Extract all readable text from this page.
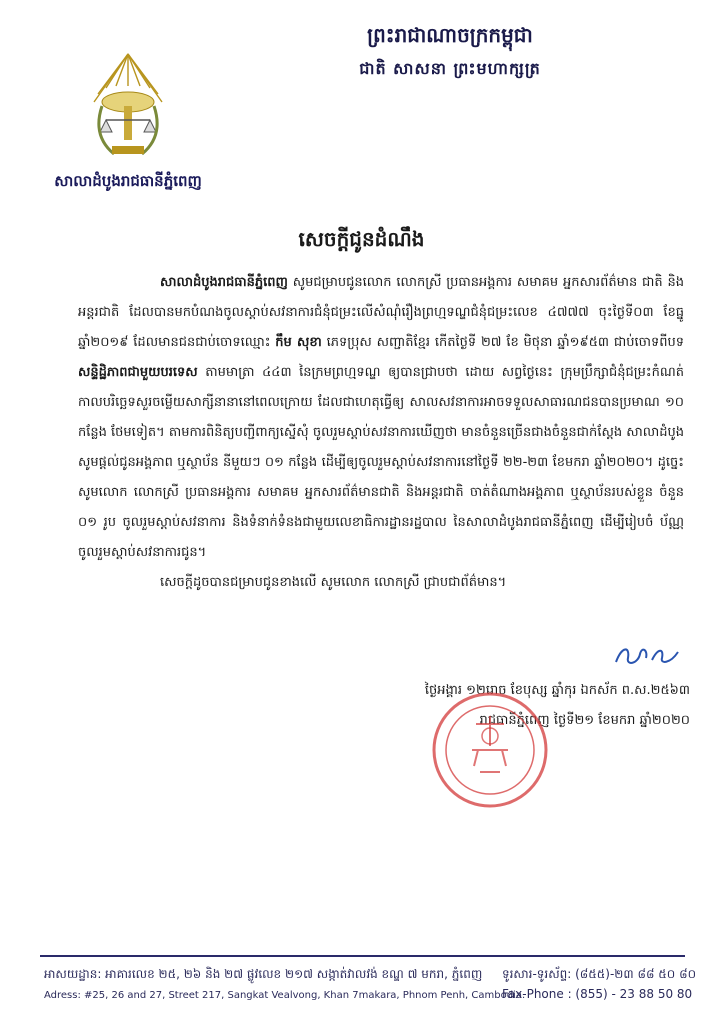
ព្រះរាជាណាចក្រកម្ពុជា
ជាតិ សាសនា ព្រះមហាក្សត្រ
សាលាដំបូងរាជធានីភ្នំពេញ
សេចក្ដីជូនដំណឹង

សាលាដំបូងរាជធានីភ្នំពេញ សូមជម្រាបជូនលោក លោកស្រី ប្រធានអង្គការ សមាគម អ្នកសារព័ត៌មាន ជាតិ និងអន្តរជាតិ ដែលបានមកបំណងចូលស្ដាប់សវនាការជំនុំជម្រះលើសំណុំរឿងព្រហ្មទណ្ឌជំនុំជម្រះលេខ ៤៧៧៧ ចុះថ្ងៃទី០៣ ខែធ្នូ ឆ្នាំ២០១៩ ដែលមានជនជាប់ចោទឈ្មោះ កឹម សុខា ភេទប្រុស សញ្ជាតិខ្មែរ កើតថ្ងៃទី ២៧ ខែ មិថុនា ឆ្នាំ១៩៥៣ ជាប់ចោទពីបទ សន្ទិដ្ឋិភាពជាមួយបរទេស តាមមាត្រា ៤៤៣ នៃក្រមព្រហ្មទណ្ឌ ឲ្យបានជ្រាបថា ដោយ សព្វថ្ងៃនេះ ក្រុមប្រឹក្សាជំនុំជម្រះកំណត់កាលបរិច្ឆេទសួរចម្លើយសាក្សីនានានៅពេលក្រោយ ដែលជាហេតុធ្វើឲ្យ សាលសវនាការអាចទទួលសាធារណជនបានប្រមាណ ១០ កន្លែង ថែមទៀត។ តាមការពិនិត្យបញ្ជីពាក្យស្នើសុំ ចូលរួមស្ដាប់សវនាការឃើញថា មានចំនួនច្រើនជាងចំនួនជាក់ស្ដែង សាលាដំបូងសូមផ្ដល់ជូនអង្គភាព ឬស្ថាប័ន នីមួយៗ ០១ កន្លែង ដើម្បីឲ្យចូលរួមស្ដាប់សវនាការនៅថ្ងៃទី ២២-២៣ ខែមករា ឆ្នាំ២០២០។ ដូច្នេះសូមលោក លោកស្រី ប្រធានអង្គការ សមាគម អ្នកសារព័ត៌មានជាតិ និងអន្តរជាតិ ចាត់តំណាងអង្គភាព ឬស្ថាប័នរបស់ខ្លួន ចំនួន ០១ រូប ចូលរួមស្ដាប់សវនាការ និងទំនាក់ទំនងជាមួយលេខាធិការដ្ឋានរដ្ឋបាល នៃសាលាដំបូងរាជធានីភ្នំពេញ ដើម្បីរៀបចំ ប័ណ្ណចូលរួមស្ដាប់សវនាការជូន។

សេចក្ដីដូចបានជម្រាបជូនខាងលើ សូមលោក លោកស្រី ជ្រាបជាព័ត៌មាន។

ថ្ងៃអង្គារ ១២រោច ខែបុស្ស ឆ្នាំកុរ ឯកស័ក ព.ស.២៥៦៣
រាជធានីភ្នំពេញ ថ្ងៃទី២១ ខែមករា ឆ្នាំ២០២០
អាសយដ្ឋាន: អាគារលេខ ២៥, ២៦ និង ២៧ ផ្លូវលេខ ២១៧ សង្កាត់វាលវង់ ខណ្ឌ ៧ មករា, ភ្នំពេញ
Adress: #25, 26 and 27, Street 217, Sangkat Vealvong, Khan 7makara, Phnom Penh, Cambodia.
ទូរសារ-ទូរស័ព្ទ: (៨៥៥)-២៣ ៨៨ ៥០ ៨០
Fax-Phone : (855) - 23 88 50 80
